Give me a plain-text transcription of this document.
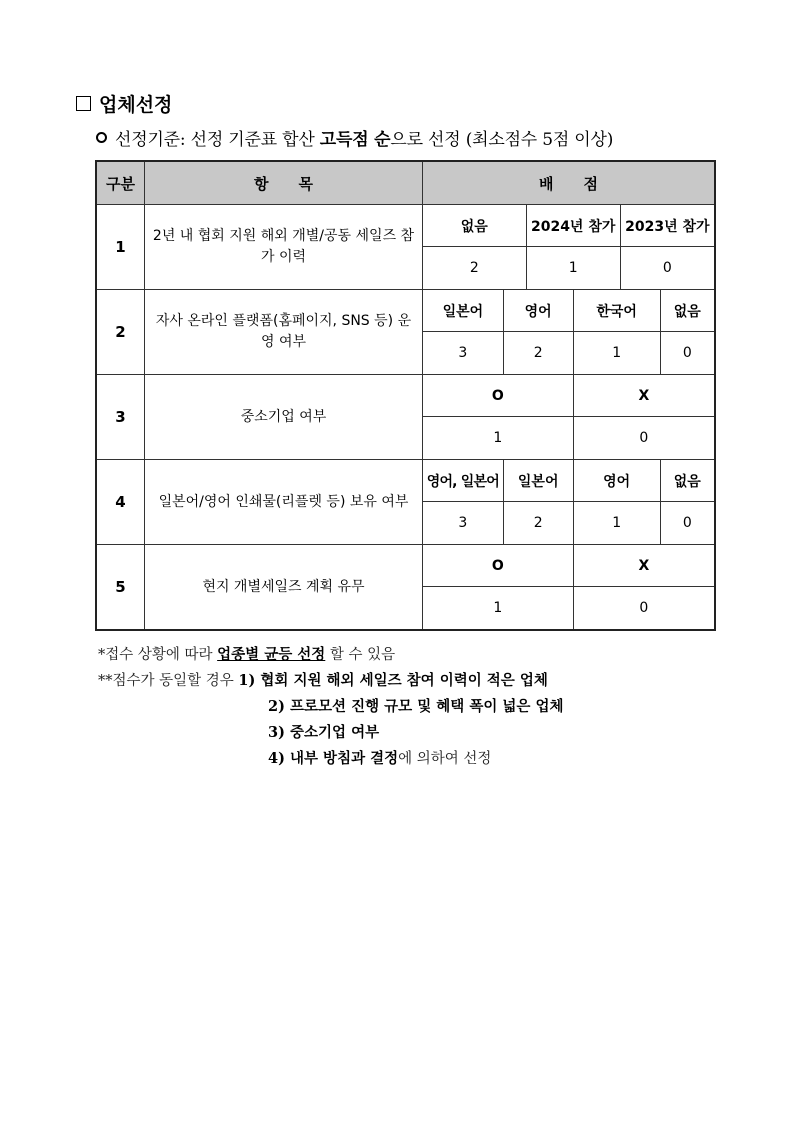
업체선정
선정기준: 선정 기준표 합산 고득점 순으로 선정 (최소점수 5점 이상)
구분	항　　목	배　　점					
1	2년 내 협회 지원 해외 개별/공동 세일즈 참가 이력	없음		2024년 참가		2023년 참가	
		2		1		0	
2	자사 온라인 플랫폼(홈페이지, SNS 등) 운영 여부	일본어	영어		한국어		없음
		3	2		1		0
3	중소기업 여부	O			X		
		1			0		
4	일본어/영어 인쇄물(리플렛 등) 보유 여부	영어, 일본어	일본어		영어		없음
		3	2		1		0
5	현지 개별세일즈 계획 유무	O			X		
		1			0		
*접수 상황에 따라 업종별 균등 선정 할 수 있음
**점수가 동일할 경우 1) 협회 지원 해외 세일즈 참여 이력이 적은 업체
2) 프로모션 진행 규모 및 혜택 폭이 넓은 업체
3) 중소기업 여부
4) 내부 방침과 결정에 의하여 선정
